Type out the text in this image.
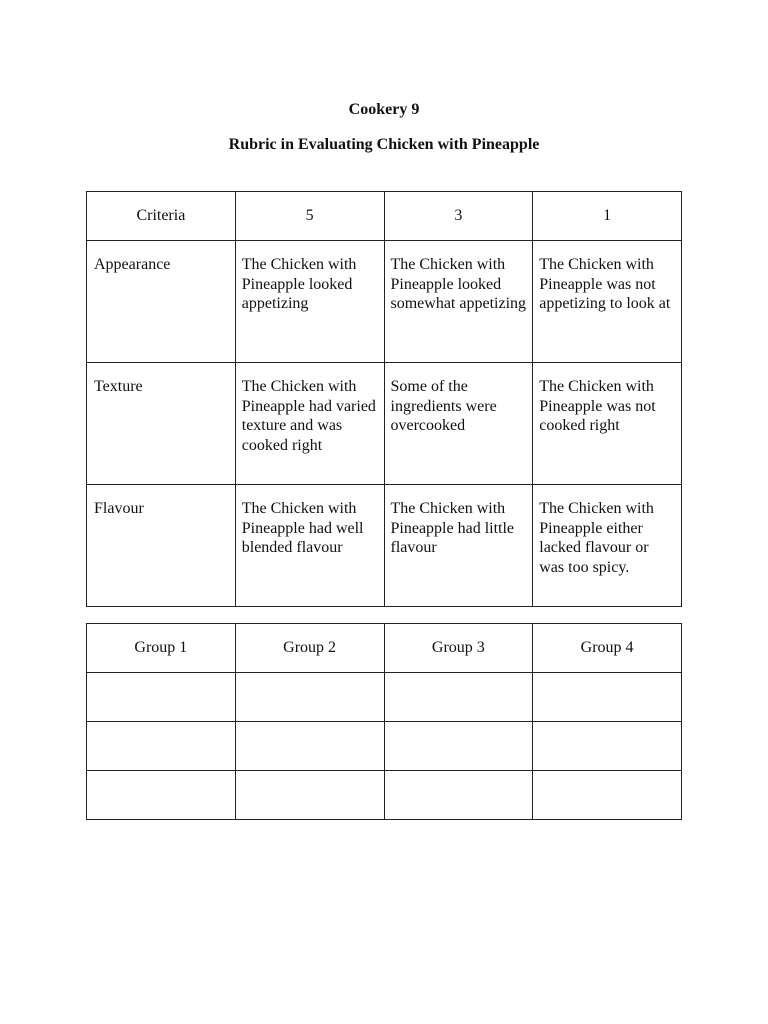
Cookery 9
Rubric in Evaluating Chicken with Pineapple
Criteria	5	3	1
Appearance	The Chicken with Pineapple looked appetizing	The Chicken with Pineapple looked somewhat appetizing	The Chicken with Pineapple was not appetizing to look at
Texture	The Chicken with Pineapple had varied texture and was cooked right	Some of the ingredients were overcooked	The Chicken with Pineapple was not cooked right
Flavour	The Chicken with Pineapple had well blended flavour	The Chicken with Pineapple had little flavour	The Chicken with Pineapple either lacked flavour or was too spicy.
Group 1	Group 2	Group 3	Group 4
